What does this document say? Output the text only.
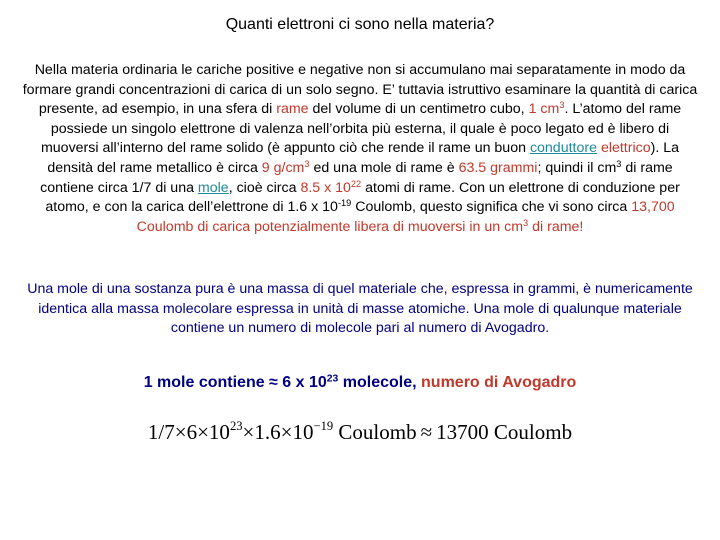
Quanti elettroni ci sono nella materia?
Nella materia ordinaria le cariche positive e negative non si accumulano mai separatamente in modo da formare grandi concentrazioni di carica di un solo segno. E’ tuttavia istruttivo esaminare la quantità di carica presente, ad esempio, in una sfera di rame del volume di un centimetro cubo, 1 $cm^3$. L’atomo del rame possiede un singolo elettrone di valenza nell’orbita più esterna, il quale è poco legato ed è libero di muoversi all’interno del rame solido (è appunto ciò che rende il rame un buon conduttore elettrico). La densità del rame metallico è circa 9 $g/cm^3$ ed una mole di rame è 63.5 grammi; quindi il $cm^3$ di rame contiene circa 1/7 di una mole, cioè circa 8.5 x $10^{22}$ atomi di rame. Con un elettrone di conduzione per atomo, e con la carica dell’elettrone di 1.6 x $10^{-19}$ Coulomb, questo significa che vi sono circa 13,700 Coulomb di carica potenzialmente libera di muoversi in un $cm^3$ di rame!
Una mole di una sostanza pura è una massa di quel materiale che, espressa in grammi, è numericamente identica alla massa molecolare espressa in unità di masse atomiche. Una mole di qualunque materiale contiene un numero di molecole pari al numero di Avogadro.
1 mole contiene ≈ 6 x $10^{23}$ molecole, numero di Avogadro
$1/7\times 6\times 10^{23}\times 1.6\times 10^{-19}$ Coulomb ≈ 13700 Coulomb
